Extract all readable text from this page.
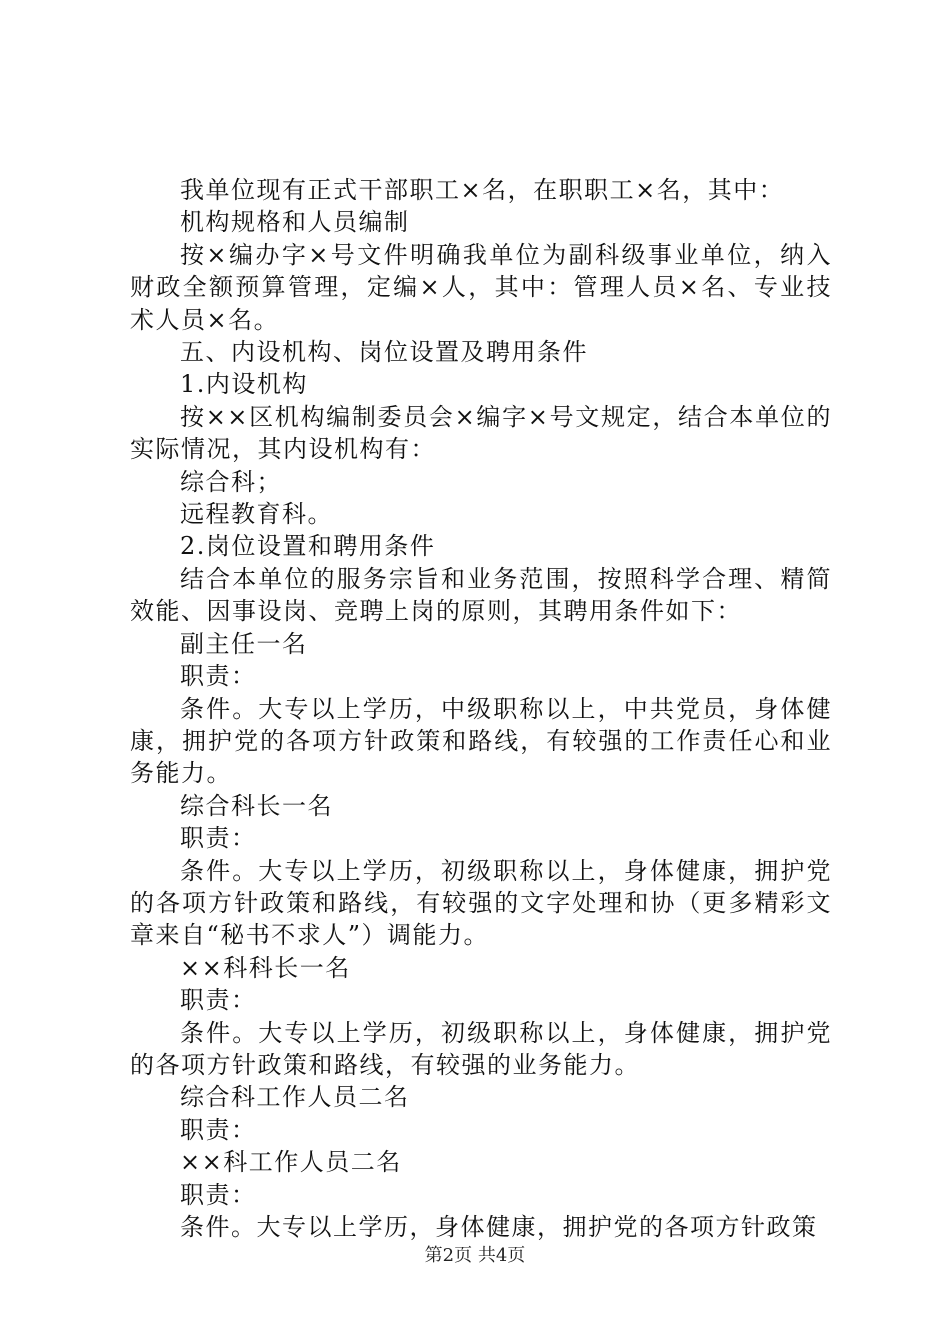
我单位现有正式干部职工×名，在职职工×名，其中：

机构规格和人员编制

按×编办字×号文件明确我单位为副科级事业单位，纳入财政全额预算管理，定编×人，其中：管理人员×名、专业技术人员×名。

五、内设机构、岗位设置及聘用条件

1.内设机构

按××区机构编制委员会×编字×号文规定，结合本单位的实际情况，其内设机构有：

综合科；

远程教育科。

2.岗位设置和聘用条件

结合本单位的服务宗旨和业务范围，按照科学合理、精简效能、因事设岗、竞聘上岗的原则，其聘用条件如下：

副主任一名

职责：

条件。大专以上学历，中级职称以上，中共党员，身体健康，拥护党的各项方针政策和路线，有较强的工作责任心和业务能力。

综合科长一名

职责：

条件。大专以上学历，初级职称以上，身体健康，拥护党的各项方针政策和路线，有较强的文字处理和协（更多精彩文章来自“秘书不求人”）调能力。

××科科长一名

职责：

条件。大专以上学历，初级职称以上，身体健康，拥护党的各项方针政策和路线，有较强的业务能力。

综合科工作人员二名

职责：

××科工作人员二名

职责：

条件。大专以上学历，身体健康，拥护党的各项方针政策

第2页 共4页
